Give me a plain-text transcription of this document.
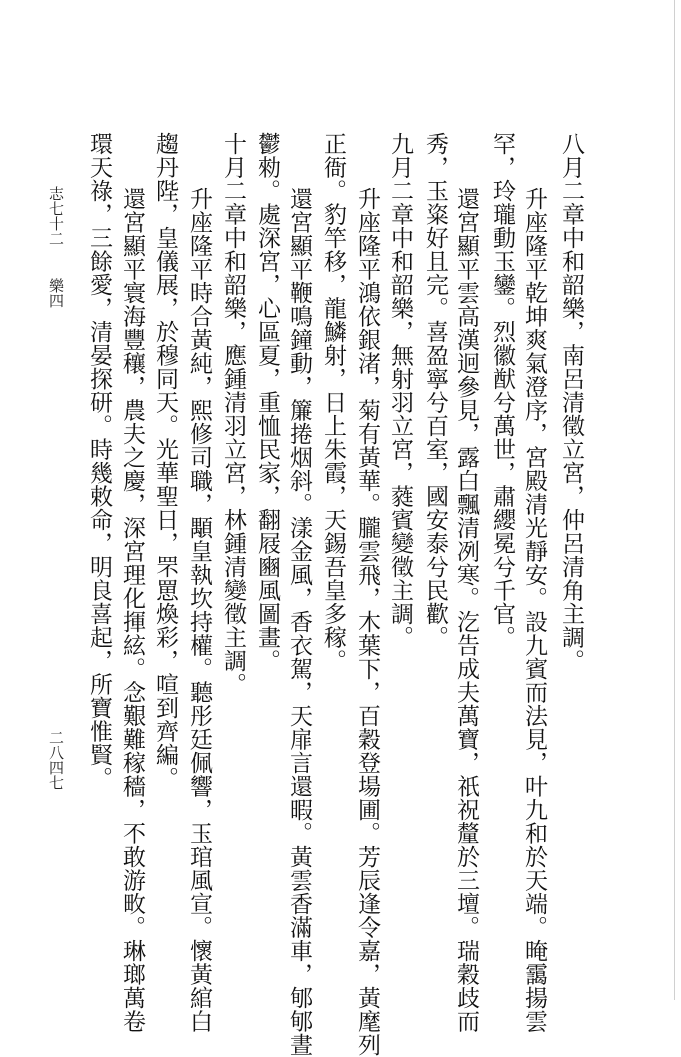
八月二章中和韶樂，南呂清徵立宮，仲呂清角主調。
升座隆平乾坤爽氣澄序，宮殿清光靜安。設九賓而法見，叶九和於天端。晻靄揚雲
罕，玲瓏動玉鑾。烈徽猷兮萬世，肅纓冕兮千官。
還宮顯平雲高漢迥參見，露白飄清冽寒。汔告成夫萬寶，祇祝釐於三壇。瑞穀歧而
秀，玉粢好且完。喜盈寧兮百室，國安泰兮民歡。
九月二章中和韶樂，無射羽立宮，蕤賓變徵主調。
升座隆平鴻依銀渚，菊有黃華。朧雲飛，木葉下，百穀登場圃。芳辰逢令嘉，黃麾列
正衙。豹竿移，龍鱗射，日上朱霞，天錫吾皇多稼。
還宮顯平鞭鳴鐘動，簾捲烟斜。漾金風，香衣駕，天扉言還暇。黃雲香滿車，郇郇晝
鬱勑。處深宮，心區夏，重恤民家，翻屐豳風圖畫。
十月二章中和韶樂，應鍾清羽立宮，林鍾清變徵主調。
升座隆平時合黃純，熙修司職，顒皇執坎持權。聽彤廷佩響，玉琯風宣。懷黃綰白
趨丹陛，皇儀展，於穆同天。光華聖日，罘罳煥彩，喧到齊編。
還宮顯平寰海豐穰，農夫之慶，深宮理化揮絃。念艱難稼穡，不敢游畋。琳瑯萬卷
環天祿，三餘愛，清晏探研。時幾敕命，明良喜起，所寶惟賢。
志七十二
樂四
二八四七
